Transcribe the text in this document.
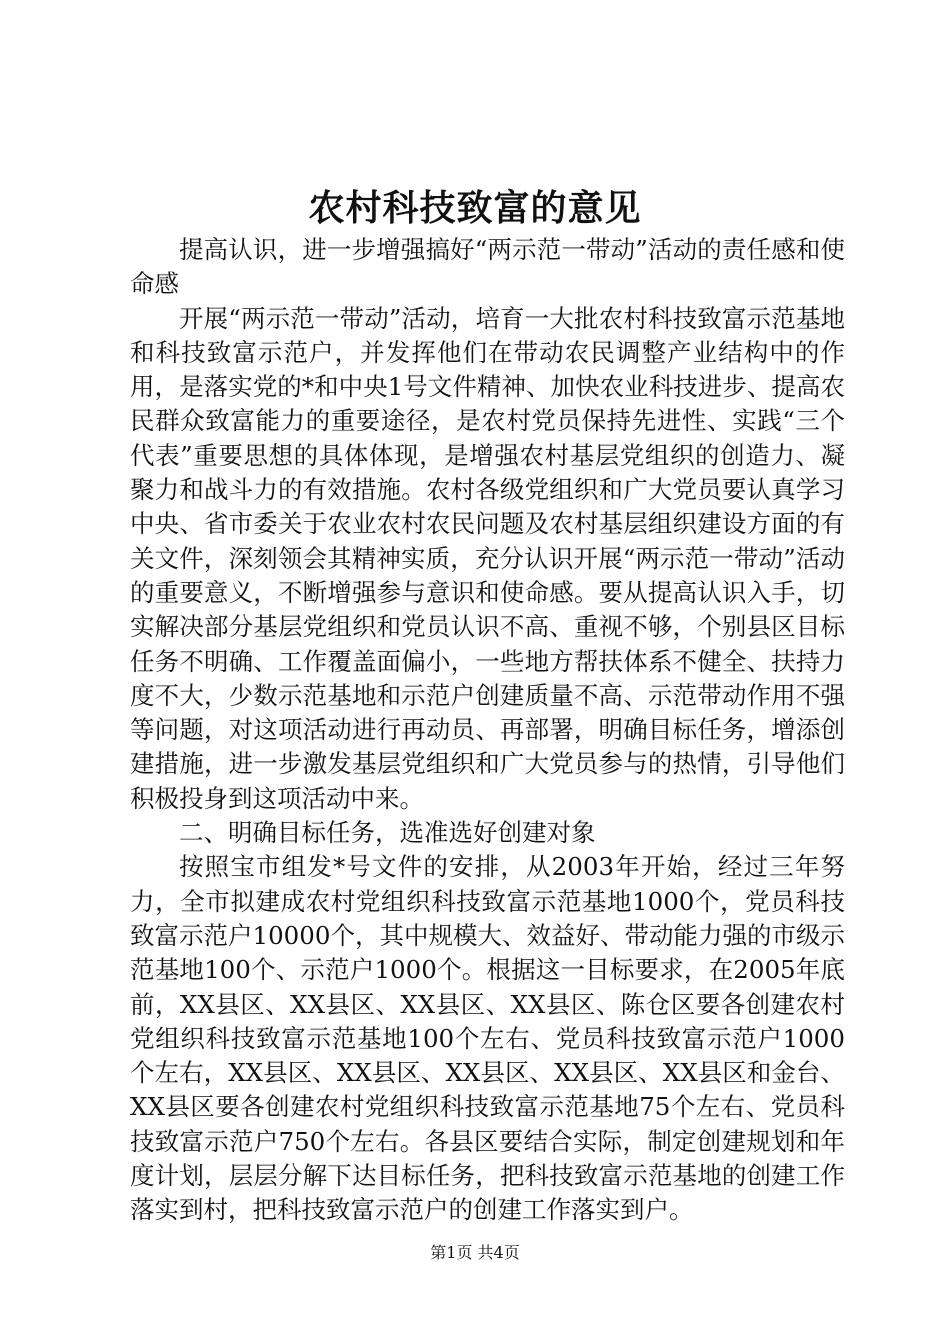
农村科技致富的意见

提高认识，进一步增强搞好“两示范一带动”活动的责任感和使命感

开展“两示范一带动”活动，培育一大批农村科技致富示范基地和科技致富示范户，并发挥他们在带动农民调整产业结构中的作用，是落实党的*和中央1号文件精神、加快农业科技进步、提高农民群众致富能力的重要途径，是农村党员保持先进性、实践“三个代表”重要思想的具体体现，是增强农村基层党组织的创造力、凝聚力和战斗力的有效措施。农村各级党组织和广大党员要认真学习中央、省市委关于农业农村农民问题及农村基层组织建设方面的有关文件，深刻领会其精神实质，充分认识开展“两示范一带动”活动的重要意义，不断增强参与意识和使命感。要从提高认识入手，切实解决部分基层党组织和党员认识不高、重视不够，个别县区目标任务不明确、工作覆盖面偏小，一些地方帮扶体系不健全、扶持力度不大，少数示范基地和示范户创建质量不高、示范带动作用不强等问题，对这项活动进行再动员、再部署，明确目标任务，增添创建措施，进一步激发基层党组织和广大党员参与的热情，引导他们积极投身到这项活动中来。

二、明确目标任务，选准选好创建对象

按照宝市组发*号文件的安排，从2003年开始，经过三年努力，全市拟建成农村党组织科技致富示范基地1000个，党员科技致富示范户10000个，其中规模大、效益好、带动能力强的市级示范基地100个、示范户1000个。根据这一目标要求，在2005年底前，XX县区、XX县区、XX县区、XX县区、陈仓区要各创建农村党组织科技致富示范基地100个左右、党员科技致富示范户1000个左右，XX县区、XX县区、XX县区、XX县区、XX县区和金台、XX县区要各创建农村党组织科技致富示范基地75个左右、党员科技致富示范户750个左右。各县区要结合实际，制定创建规划和年度计划，层层分解下达目标任务，把科技致富示范基地的创建工作落实到村，把科技致富示范户的创建工作落实到户。

第1页 共4页
